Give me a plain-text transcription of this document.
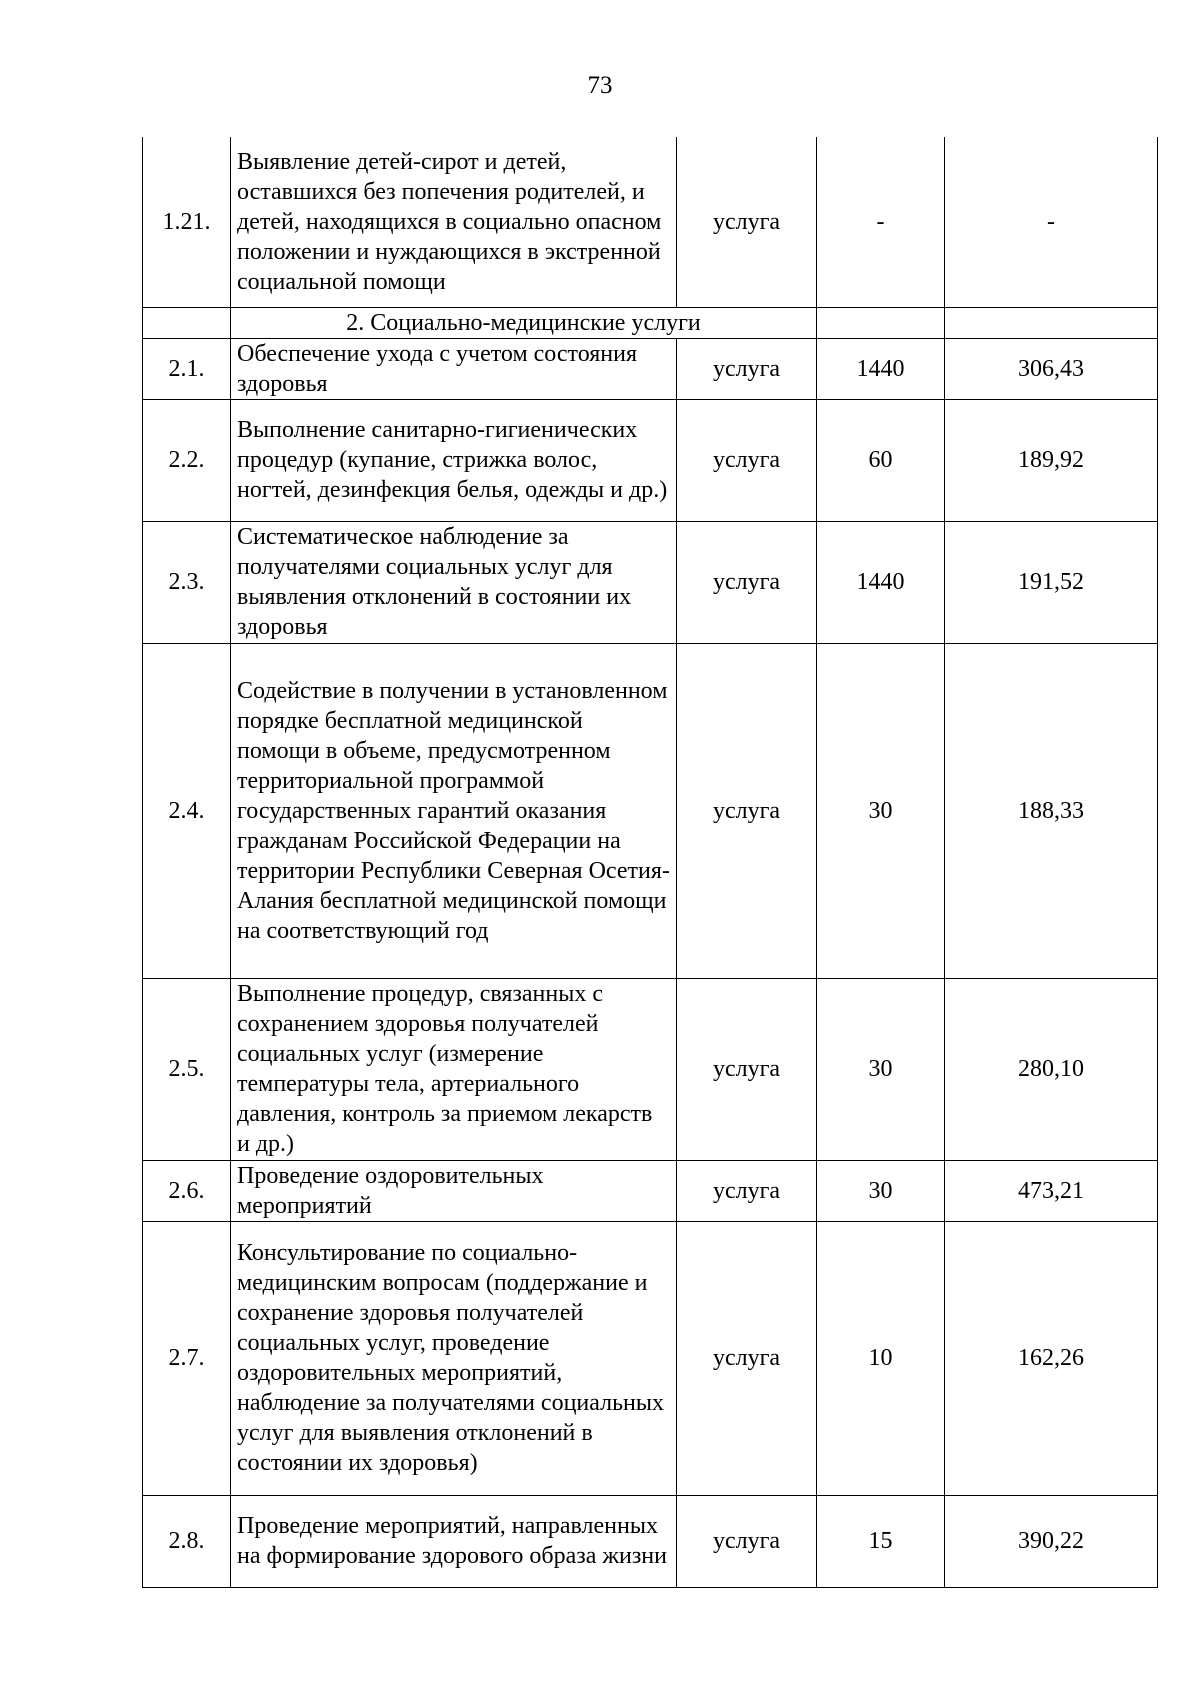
73
1.21.	Выявление детей-сирот и детей, оставшихся без попечения родителей, и детей, находящихся в социально опасном положении и нуждающихся в экстренной социальной помощи	услуга	-	-
	2. Социально-медицинские услуги			
2.1.	Обеспечение ухода с учетом состояния здоровья	услуга	1440	306,43
2.2.	Выполнение санитарно-гигиенических процедур (купание, стрижка волос, ногтей, дезинфекция белья, одежды и др.)	услуга	60	189,92
2.3.	Систематическое наблюдение за получателями социальных услуг для выявления отклонений в состоянии их здоровья	услуга	1440	191,52
2.4.	Содействие в получении в установленном порядке бесплатной медицинской помощи в объеме, предусмотренном территориальной программой государственных гарантий оказания гражданам Российской Федерации на территории Республики Северная Осетия-Алания бесплатной медицинской помощи на соответствующий год	услуга	30	188,33
2.5.	Выполнение процедур, связанных с сохранением здоровья получателей социальных услуг (измерение температуры тела, артериального давления, контроль за приемом лекарств и др.)	услуга	30	280,10
2.6.	Проведение оздоровительных мероприятий	услуга	30	473,21
2.7.	Консультирование по социально-медицинским вопросам (поддержание и сохранение здоровья получателей социальных услуг, проведение оздоровительных мероприятий, наблюдение за получателями социальных услуг для выявления отклонений в состоянии их здоровья)	услуга	10	162,26
2.8.	Проведение мероприятий, направленных на формирование здорового образа жизни	услуга	15	390,22
